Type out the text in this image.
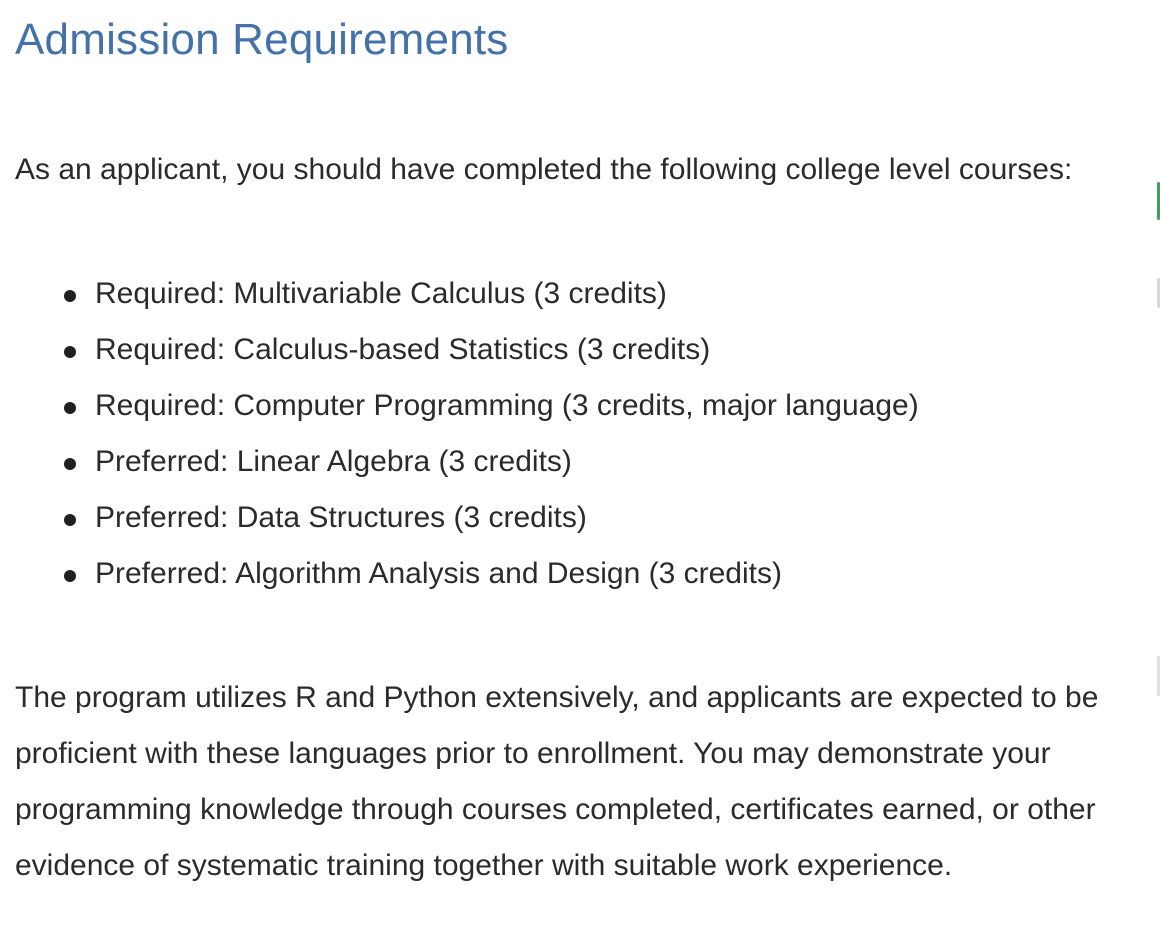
Admission Requirements

As an applicant, you should have completed the following college level courses:

Required: Multivariable Calculus (3 credits)
Required: Calculus-based Statistics (3 credits)
Required: Computer Programming (3 credits, major language)
Preferred: Linear Algebra (3 credits)
Preferred: Data Structures (3 credits)
Preferred: Algorithm Analysis and Design (3 credits)

The program utilizes R and Python extensively, and applicants are expected to be proficient with these languages prior to enrollment. You may demonstrate your programming knowledge through courses completed, certificates earned, or other evidence of systematic training together with suitable work experience.
